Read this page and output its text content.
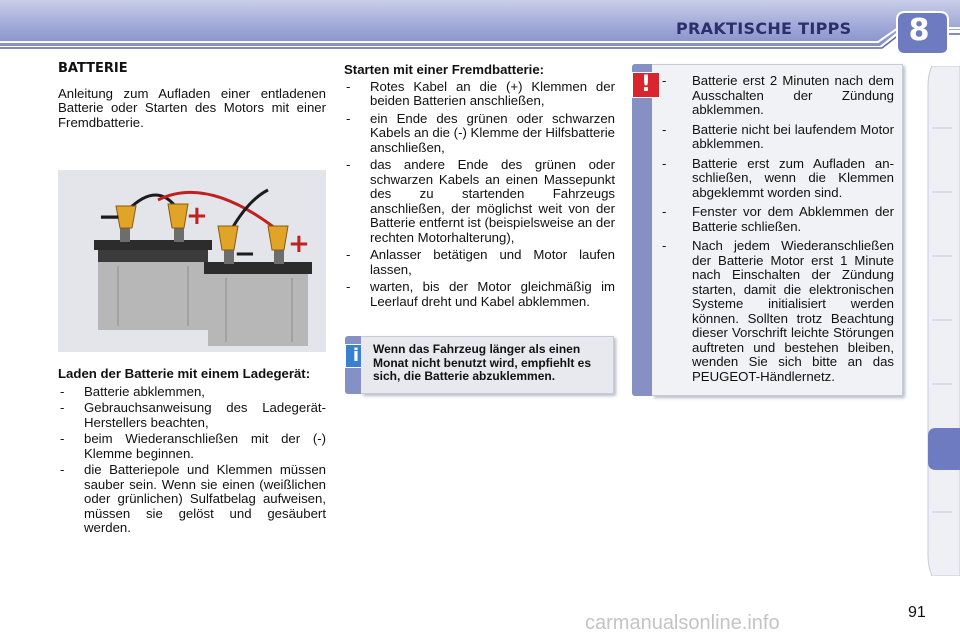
PRAKTISCHE TIPPS	8

BATTERIE

Anleitung zum Aufladen einer entladenen Batterie oder Starten des Motors mit einer Fremdbatterie.

− +
− +

Laden der Batterie mit einem Ladegerät:

- Batterie abklemmen,
- Gebrauchsanweisung des Ladegerät-Herstellers beachten,
- beim Wiederanschließen mit der (-) Klemme beginnen.
- die Batteriepole und Klemmen müssen sauber sein. Wenn sie einen (weißlichen oder grünlichen) Sulfatbelag aufweisen, müssen sie gelöst und gesäubert werden.

Starten mit einer Fremdbatterie:

- Rotes Kabel an die (+) Klemmen der beiden Batterien anschließen,
- ein Ende des grünen oder schwarzen Kabels an die (-) Klemme der Hilfsbatterie anschließen,
- das andere Ende des grünen oder schwarzen Kabels an einen Massepunkt des zu startenden Fahrzeugs anschließen, der möglichst weit von der Batterie entfernt ist (beispielsweise an der rechten Motorhalterung),
- Anlasser betätigen und Motor laufen lassen,
- warten, bis der Motor gleichmäßig im Leerlauf dreht und Kabel abklemmen.
i	Wenn das Fahrzeug länger als einen Monat nicht benutzt wird, empfiehlt es sich, die Batterie abzuklemmen.
- Batterie erst 2 Minuten nach dem Ausschalten der Zündung abklemmen.
- Batterie nicht bei laufendem Motor abklemmen.
- Batterie erst zum Aufladen anschließen, wenn die Klemmen abgeklemmt worden sind.
- Fenster vor dem Abklemmen der Batterie schließen.
- Nach jedem Wiederanschließen der Batterie Motor erst 1 Minute nach Einschalten der Zündung starten, damit die elektronischen Systeme initialisiert werden können. Sollten trotz Beachtung dieser Vorschrift leichte Störungen auftreten und bestehen bleiben, wenden Sie sich bitte an das PEUGEOT-Händlernetz.
!
91
carmanualsonline.info
